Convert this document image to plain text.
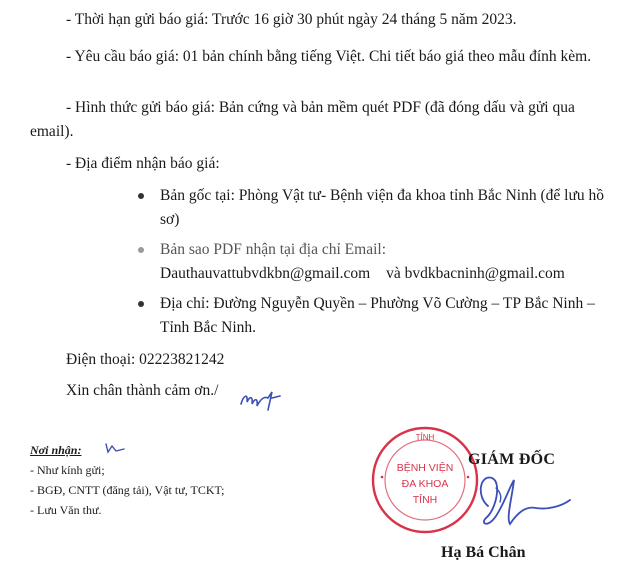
- Thời hạn gửi báo giá: Trước 16 giờ 30 phút ngày 24 tháng 5 năm 2023.

- Yêu cầu báo giá: 01 bản chính bằng tiếng Việt. Chi tiết báo giá theo mẫu đính kèm.

- Hình thức gửi báo giá: Bản cứng và bản mềm quét PDF (đã đóng dấu và gửi qua email).

- Địa điểm nhận báo giá:

Bản gốc tại: Phòng Vật tư- Bệnh viện đa khoa tỉnh Bắc Ninh (để lưu hồ sơ)
Bản sao PDF nhận tại địa chỉ Email:
Dauthauvattubvdkbn@gmail.com và bvdkbacninh@gmail.com
Địa chỉ: Đường Nguyễn Quyền – Phường Võ Cường – TP Bắc Ninh – Tỉnh Bắc Ninh.
Điện thoại: 02223821242
Xin chân thành cảm ơn./
Nơi nhận:
- Như kính gửi;
- BGĐ, CNTT (đăng tải), Vật tư, TCKT;
- Lưu Văn thư.
TỈNH
BỆNH VIỆN
ĐA KHOA
TỈNH
GIÁM ĐỐC
Hạ Bá Chân
